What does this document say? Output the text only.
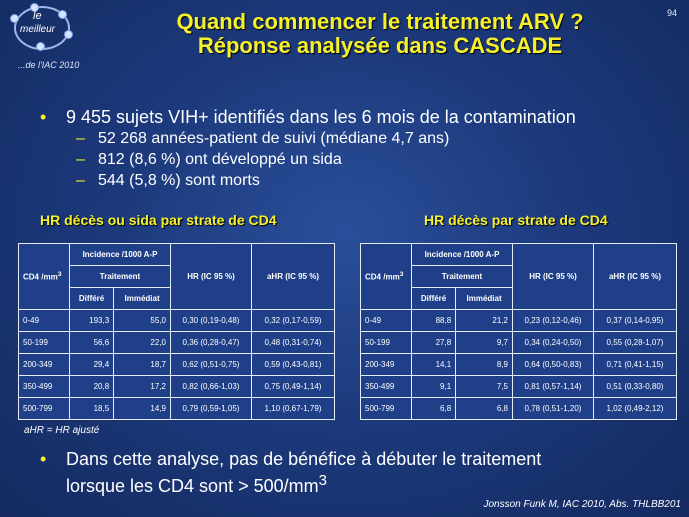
le
meilleur
...de l'IAC 2010
94
Quand commencer le traitement ARV ?
Réponse analysée dans CASCADE
• 9 455 sujets VIH+ identifiés dans les 6 mois de la contamination
– 52 268 années-patient de suivi (médiane 4,7 ans)
– 812 (8,6 %) ont développé un sida
– 544 (5,8 %) sont morts
HR décès ou sida par strate de CD4	HR décès par strate de CD4
CD4 $/mm^3$	Incidence /1000 A-P		HR (IC 95 %)	aHR (IC 95 %)
	Traitement			
	Différé	Immédiat		
0-49	193,3	55,0	0,30 (0,19-0,48)	0,32 (0,17-0,59)
50-199	56,6	22,0	0,36 (0,28-0,47)	0,48 (0,31-0,74)
200-349	29,4	18,7	0,62 (0,51-0,75)	0,59 (0,43-0,81)
350-499	20,8	17,2	0,82 (0,66-1,03)	0,75 (0,49-1,14)
500-799	18,5	14,9	0,79 (0,59-1,05)	1,10 (0,67-1,79)
CD4 $/mm^3$	Incidence /1000 A-P		HR (IC 95 %)	aHR (IC 95 %)
	Traitement			
	Différé	Immédiat		
0-49	88,8	21,2	0,23 (0,12-0,46)	0,37 (0,14-0,95)
50-199	27,8	9,7	0,34 (0,24-0,50)	0,55 (0,28-1,07)
200-349	14,1	8,9	0,64 (0,50-0,83)	0,71 (0,41-1,15)
350-499	9,1	7,5	0,81 (0,57-1,14)	0,51 (0,33-0,80)
500-799	6,8	6,8	0,78 (0,51-1,20)	1,02 (0,49-2,12)
aHR = HR ajusté
• Dans cette analyse, pas de bénéfice à débuter le traitement
lorsque les CD4 sont > $500/mm^3$
Jonsson Funk M, IAC 2010, Abs. THLBB201
